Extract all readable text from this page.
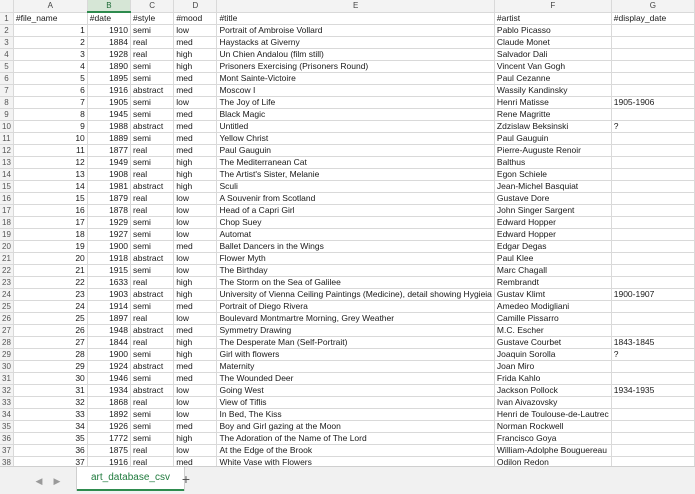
	A	B	C	D	E	F	G
1	#file_name	#date	#style	#mood	#title	#artist	#display_date
2	1	1910	semi	low	Portrait of Ambroise Vollard	Pablo Picasso	
3	2	1884	real	med	Haystacks at Giverny	Claude Monet	
4	3	1928	real	high	Un Chien Andalou (film still)	Salvador Dali	
5	4	1890	semi	high	Prisoners Exercising (Prisoners Round)	Vincent Van Gogh	
6	5	1895	semi	med	Mont Sainte-Victoire	Paul Cezanne	
7	6	1916	abstract	med	Moscow I	Wassily Kandinsky	
8	7	1905	semi	low	The Joy of Life	Henri Matisse	1905-1906
9	8	1945	semi	med	Black Magic	Rene Magritte	
10	9	1988	abstract	med	Untitled	Zdzislaw Beksinski	?
11	10	1889	semi	med	Yellow Christ	Paul Gauguin	
12	11	1877	real	med	Paul Gauguin	Pierre-Auguste Renoir	
13	12	1949	semi	high	The Mediterranean Cat	Balthus	
14	13	1908	real	high	The Artist's Sister, Melanie	Egon Schiele	
15	14	1981	abstract	high	Sculi	Jean-Michel Basquiat	
16	15	1879	real	low	A Souvenir from Scotland	Gustave Dore	
17	16	1878	real	low	Head of a Capri Girl	John Singer Sargent	
18	17	1929	semi	low	Chop Suey	Edward Hopper	
19	18	1927	semi	low	Automat	Edward Hopper	
20	19	1900	semi	med	Ballet Dancers in the Wings	Edgar Degas	
21	20	1918	abstract	low	Flower Myth	Paul Klee	
22	21	1915	semi	low	The Birthday	Marc Chagall	
23	22	1633	real	high	The Storm on the Sea of Galilee	Rembrandt	
24	23	1903	abstract	high	University of Vienna Ceiling Paintings (Medicine), detail showing Hygieia	Gustav Klimt	1900-1907
25	24	1914	semi	med	Portrait of Diego Rivera	Amedeo Modigliani	
26	25	1897	real	low	Boulevard Montmartre Morning, Grey Weather	Camille Pissarro	
27	26	1948	abstract	med	Symmetry Drawing	M.C. Escher	
28	27	1844	real	high	The Desperate Man (Self-Portrait)	Gustave Courbet	1843-1845
29	28	1900	semi	high	Girl with flowers	Joaquin Sorolla	?
30	29	1924	abstract	med	Maternity	Joan Miro	
31	30	1946	semi	med	The Wounded Deer	Frida Kahlo	
32	31	1934	abstract	low	Going West	Jackson Pollock	1934-1935
33	32	1868	real	low	View of Tiflis	Ivan Aivazovsky	
34	33	1892	semi	low	In Bed, The Kiss	Henri de Toulouse-de-Lautrec	
35	34	1926	semi	med	Boy and Girl gazing at the Moon	Norman Rockwell	
36	35	1772	semi	high	The Adoration of the Name of The Lord	Francisco Goya	
37	36	1875	real	low	At the Edge of the Brook	William-Adolphe Bouguereau	
38	37	1916	real	med	White Vase with Flowers	Odilon Redon	

◀ ▶	art_database_csv +
